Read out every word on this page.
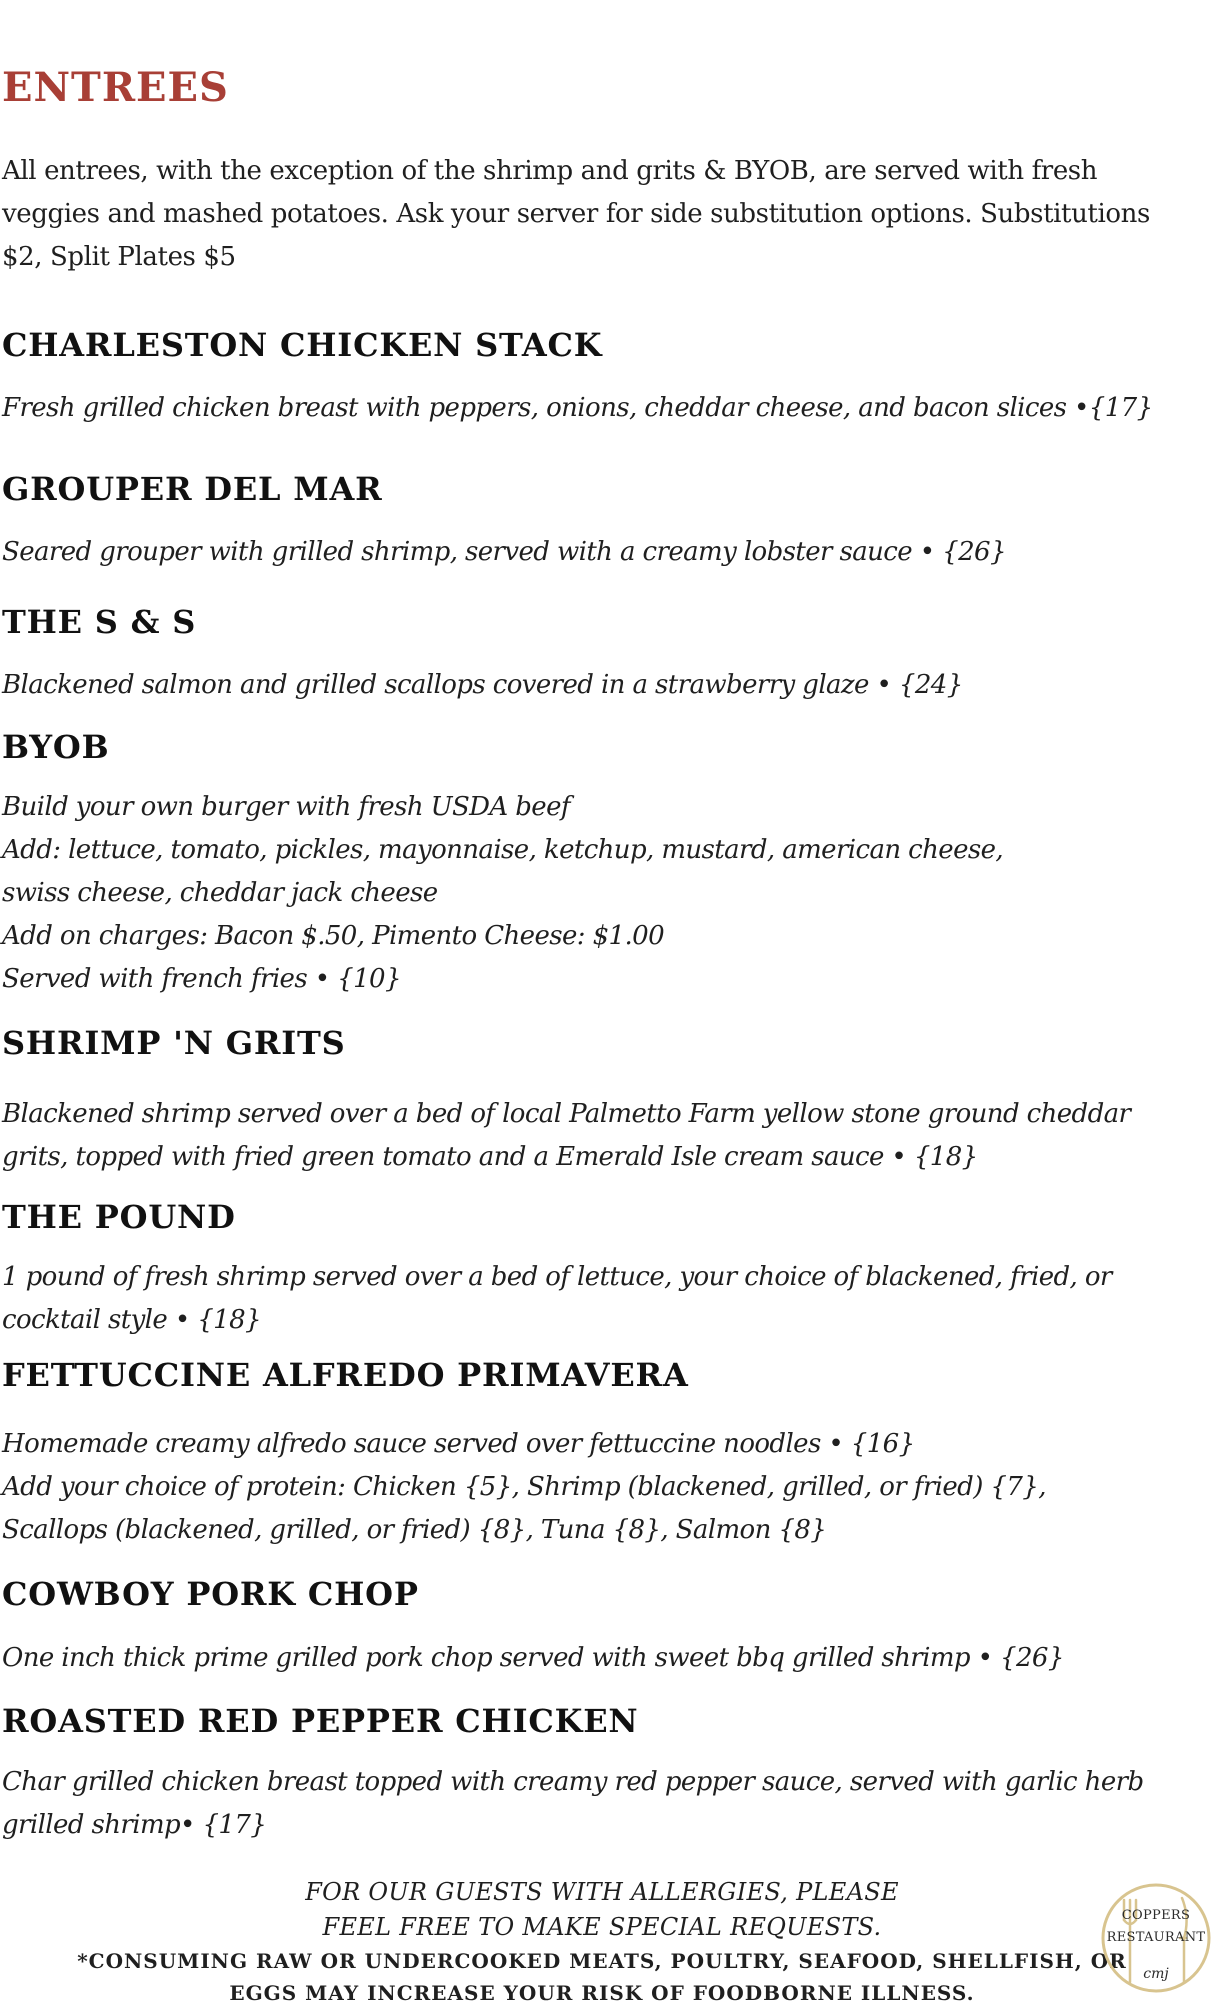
ENTREES

All entrees, with the exception of the shrimp and grits & BYOB, are served with fresh
veggies and mashed potatoes. Ask your server for side substitution options. Substitutions
$2, Split Plates $5

CHARLESTON CHICKEN STACK

Fresh grilled chicken breast with peppers, onions, cheddar cheese, and bacon slices •{17}

GROUPER DEL MAR

Seared grouper with grilled shrimp, served with a creamy lobster sauce • {26}

THE S & S

Blackened salmon and grilled scallops covered in a strawberry glaze • {24}

BYOB

Build your own burger with fresh USDA beef
Add: lettuce, tomato, pickles, mayonnaise, ketchup, mustard, american cheese,
swiss cheese, cheddar jack cheese
Add on charges: Bacon $.50, Pimento Cheese: $1.00
Served with french fries • {10}

SHRIMP 'N GRITS

Blackened shrimp served over a bed of local Palmetto Farm yellow stone ground cheddar
grits, topped with fried green tomato and a Emerald Isle cream sauce • {18}

THE POUND

1 pound of fresh shrimp served over a bed of lettuce, your choice of blackened, fried, or
cocktail style • {18}

FETTUCCINE ALFREDO PRIMAVERA

Homemade creamy alfredo sauce served over fettuccine noodles • {16}
Add your choice of protein: Chicken {5}, Shrimp (blackened, grilled, or fried) {7},
Scallops (blackened, grilled, or fried) {8}, Tuna {8}, Salmon {8}

COWBOY PORK CHOP

One inch thick prime grilled pork chop served with sweet bbq grilled shrimp • {26}

ROASTED RED PEPPER CHICKEN

Char grilled chicken breast topped with creamy red pepper sauce, served with garlic herb
grilled shrimp• {17}

FOR OUR GUESTS WITH ALLERGIES, PLEASE
FEEL FREE TO MAKE SPECIAL REQUESTS.

*CONSUMING RAW OR UNDERCOOKED MEATS, POULTRY, SEAFOOD, SHELLFISH, OR
EGGS MAY INCREASE YOUR RISK OF FOODBORNE ILLNESS.

cmj
COPPERS
RESTAURANT
